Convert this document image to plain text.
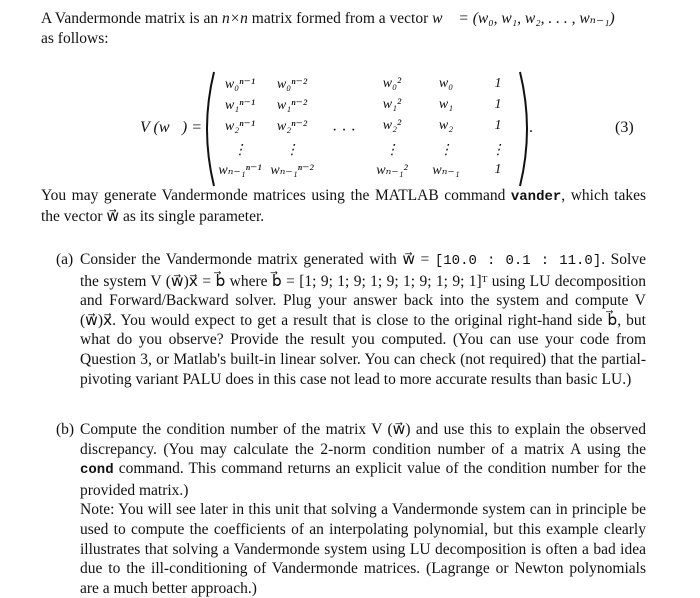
A Vandermonde matrix is an n×n matrix formed from a vector w⃗ = (w₀, w₁, w₂, . . . , wₙ₋₁)
as follows:
V (w⃗) =
w₀ⁿ⁻¹	w₀ⁿ⁻²	w₀²	w₀	1
w₁ⁿ⁻¹	w₁ⁿ⁻²	w₁²	w₁	1
w₂ⁿ⁻¹	w₂ⁿ⁻²	w₂²	w₂	1
⋮	⋮	⋮	⋮	⋮
wₙ₋₁ⁿ⁻¹ wₙ₋₁ⁿ⁻²	wₙ₋₁²	wₙ₋₁	1
· · ·	.	(3)
You may generate Vandermonde matrices using the MATLAB command vander, which takes the vector w⃗ as its single parameter.
(a) Consider the Vandermonde matrix generated with w⃗ = [10.0 : 0.1 : 11.0]. Solve the system V (w⃗)x⃗ = b⃗ where b⃗ = [1; 9; 1; 9; 1; 9; 1; 9; 1; 9; 1]ᵀ using LU decomposition and Forward/Backward solver. Plug your answer back into the system and compute V (w⃗)x⃗. You would expect to get a result that is close to the original right-hand side b⃗, but what do you observe? Provide the result you computed. (You can use your code from Question 3, or Matlab's built-in linear solver. You can check (not required) that the partial-pivoting variant PALU does in this case not lead to more accurate results than basic LU.)
(b) Compute the condition number of the matrix V (w⃗) and use this to explain the observed discrepancy. (You may calculate the 2-norm condition number of a matrix A using the cond command. This command returns an explicit value of the condition number for the provided matrix.)
Note: You will see later in this unit that solving a Vandermonde system can in principle be used to compute the coefficients of an interpolating polynomial, but this example clearly illustrates that solving a Vandermonde system using LU decomposition is often a bad idea due to the ill-conditioning of Vandermonde matrices. (Lagrange or Newton polynomials are a much better approach.)
